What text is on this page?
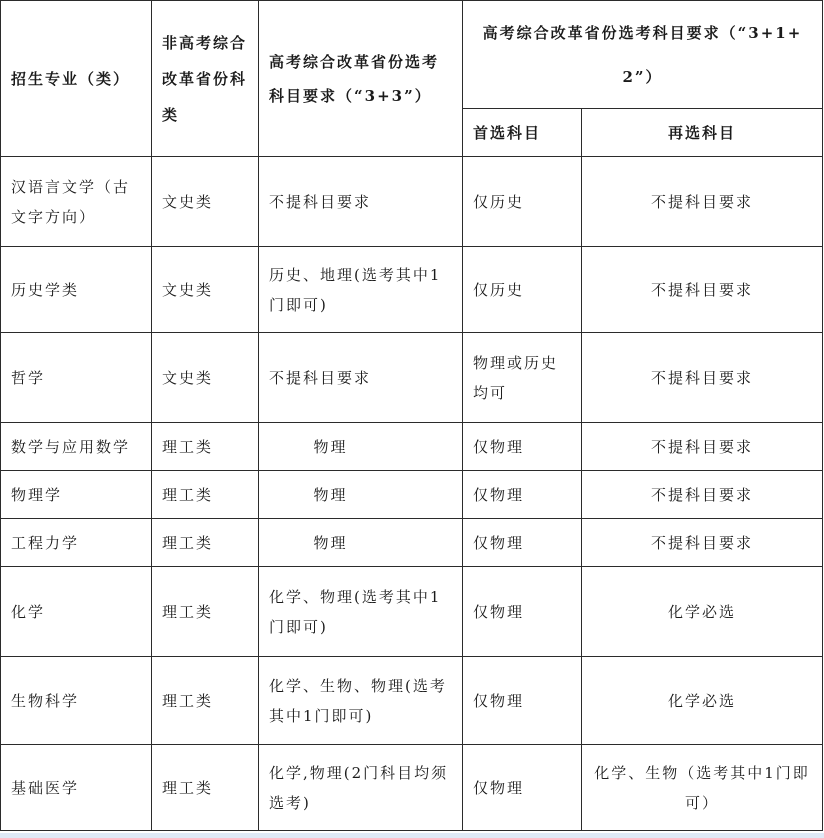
招生专业（类）	非高考综合改革省份科类	高考综合改革省份选考科目要求（“3+3”）	高考综合改革省份选考科目要求（“3+1+2”）	
			首选科目	再选科目
汉语言文学（古文字方向）	文史类	不提科目要求	仅历史	不提科目要求
历史学类	文史类	历史、地理(选考其中1门即可)	仅历史	不提科目要求
哲学	文史类	不提科目要求	物理或历史均可	不提科目要求
数学与应用数学	理工类	物理	仅物理	不提科目要求
物理学	理工类	物理	仅物理	不提科目要求
工程力学	理工类	物理	仅物理	不提科目要求
化学	理工类	化学、物理(选考其中1门即可)	仅物理	化学必选
生物科学	理工类	化学、生物、物理(选考其中1门即可)	仅物理	化学必选
基础医学	理工类	化学,物理(2门科目均须选考)	仅物理	化学、生物（选考其中1门即可）
